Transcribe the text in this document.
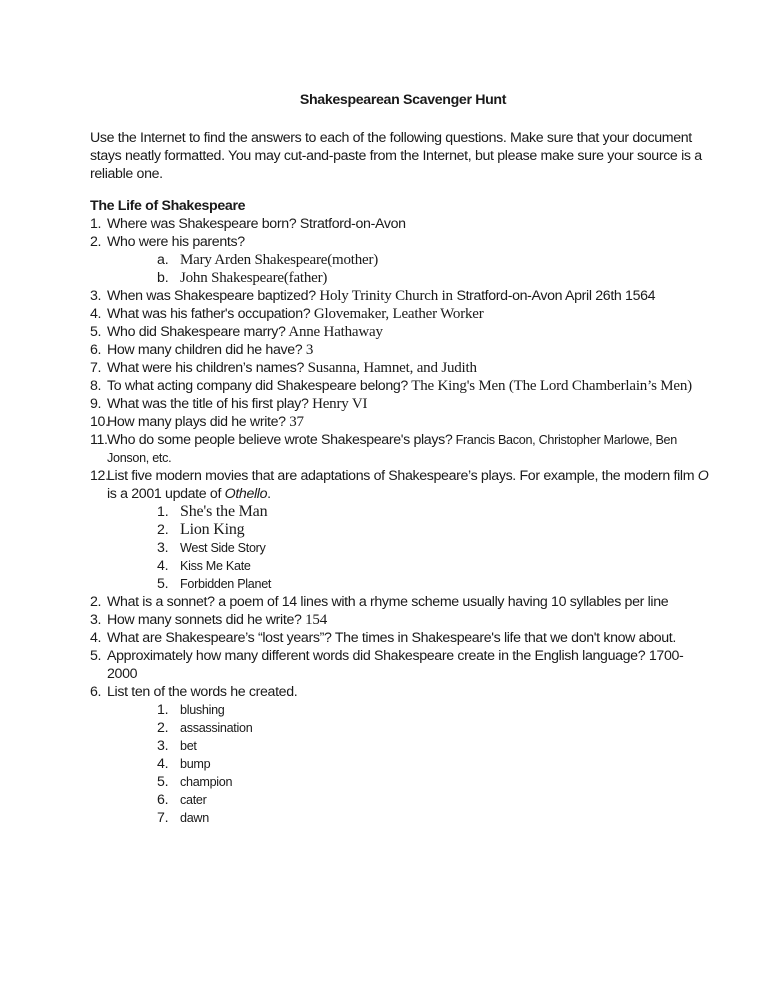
Shakespearean Scavenger Hunt

Use the Internet to find the answers to each of the following questions. Make sure that your document stays neatly formatted. You may cut-and-paste from the Internet, but please make sure your source is a reliable one.

The Life of Shakespeare
1. Where was Shakespeare born? Stratford-on-Avon
2. Who were his parents?
a. Mary Arden Shakespeare(mother)
b. John Shakespeare(father)
3. When was Shakespeare baptized? Holy Trinity Church in Stratford-on-Avon April 26th 1564
4. What was his father's occupation? Glovemaker, Leather Worker
5. Who did Shakespeare marry? Anne Hathaway
6. How many children did he have? 3
7. What were his children’s names? Susanna, Hamnet, and Judith
8. To what acting company did Shakespeare belong? The King's Men (The Lord Chamberlain’s Men)
9. What was the title of his first play? Henry VI
10.
How many plays did he write? 37
11. Who do some people believe wrote Shakespeare's plays? Francis Bacon, Christopher Marlowe, Ben Jonson, etc.
12.
List five modern movies that are adaptations of Shakespeare’s plays. For example, the modern film O is a 2001 update of Othello.
1. She's the Man
2. Lion King
3. West Side Story
4. Kiss Me Kate
5. Forbidden Planet
2. What is a sonnet? a poem of 14 lines with a rhyme scheme usually having 10 syllables per line
3. How many sonnets did he write? 154
4. What are Shakespeare’s “lost years”? The times in Shakespeare's life that we don't know about.
5. Approximately how many different words did Shakespeare create in the English language? 1700-2000
6. List ten of the words he created.
1. blushing
2. assassination
3. bet
4. bump
5. champion
6. cater
7. dawn
